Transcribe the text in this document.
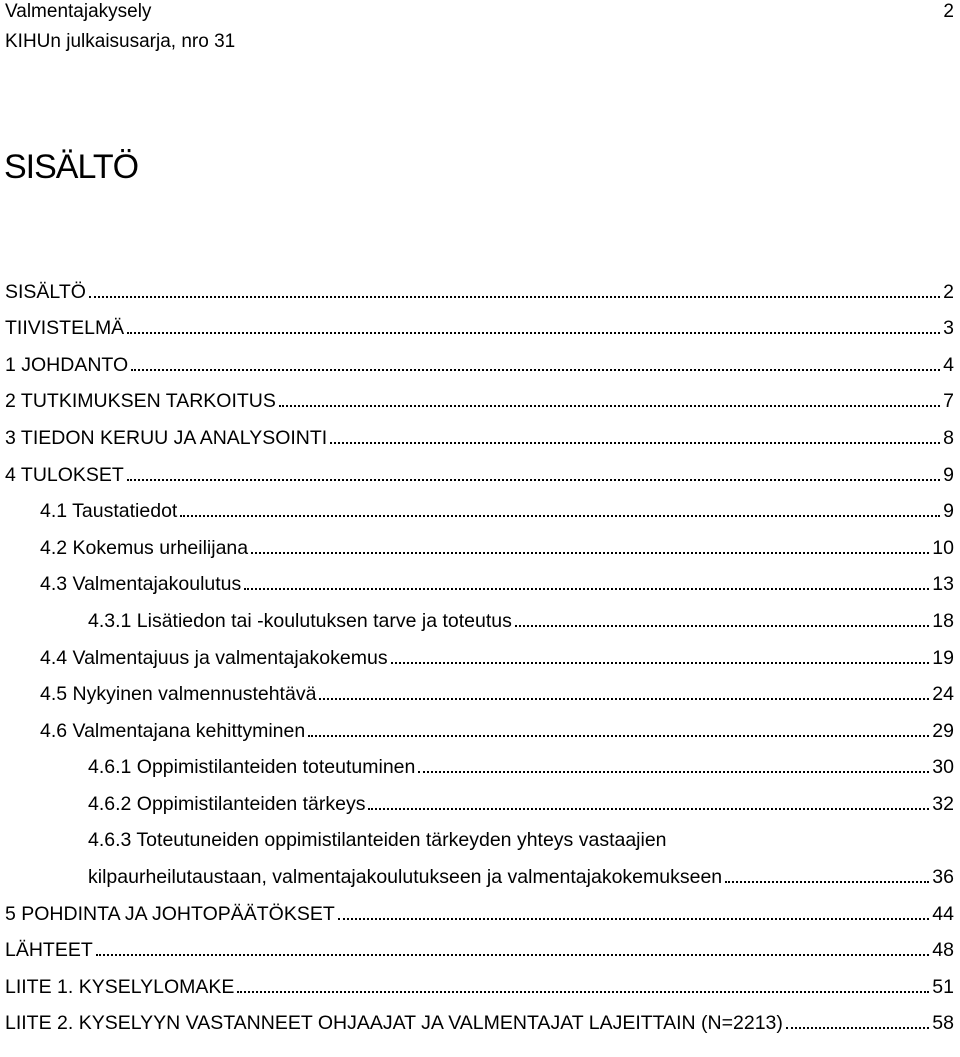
Valmentajakysely
KIHUn julkaisusarja, nro 31
2
SISÄLTÖ
SISÄLTÖ	2
TIIVISTELMÄ	3
1 JOHDANTO	4
2 TUTKIMUKSEN TARKOITUS	7
3 TIEDON KERUU JA ANALYSOINTI	8
4 TULOKSET	9
4.1 Taustatiedot	9
4.2 Kokemus urheilijana	10
4.3 Valmentajakoulutus	13
4.3.1 Lisätiedon tai -koulutuksen tarve ja toteutus	18
4.4 Valmentajuus ja valmentajakokemus	19
4.5 Nykyinen valmennustehtävä	24
4.6 Valmentajana kehittyminen	29
4.6.1 Oppimistilanteiden toteutuminen	30
4.6.2 Oppimistilanteiden tärkeys	32
4.6.3 Toteutuneiden oppimistilanteiden tärkeyden yhteys vastaajien
kilpaurheilutaustaan, valmentajakoulutukseen ja valmentajakokemukseen	36
5 POHDINTA JA JOHTOPÄÄTÖKSET	44
LÄHTEET	48
LIITE 1. KYSELYLOMAKE	51
LIITE 2. KYSELYYN VASTANNEET OHJAAJAT JA VALMENTAJAT LAJEITTAIN (N=2213)	58
